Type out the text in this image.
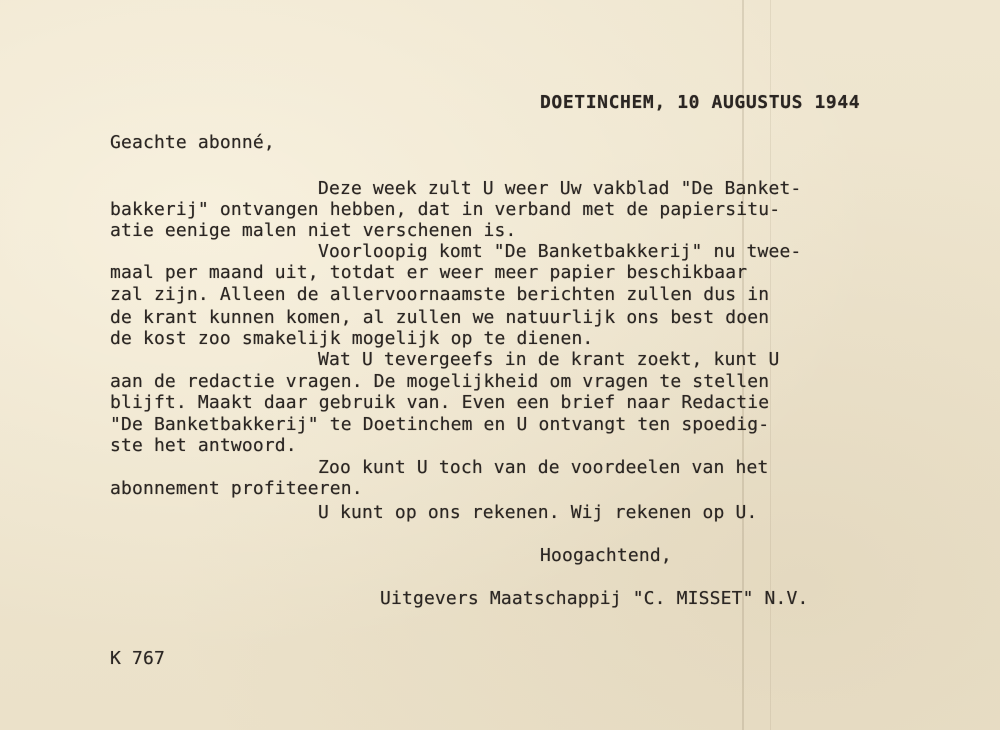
DOETINCHEM, 10 AUGUSTUS 1944
Geachte abonné,
Deze week zult U weer Uw vakblad "De Banket-
bakkerij" ontvangen hebben, dat in verband met de papiersitu-
atie eenige malen niet verschenen is.
Voorloopig komt "De Banketbakkerij" nu twee-
maal per maand uit, totdat er weer meer papier beschikbaar
zal zijn. Alleen de allervoornaamste berichten zullen dus in
de krant kunnen komen, al zullen we natuurlijk ons best doen
de kost zoo smakelijk mogelijk op te dienen.
Wat U tevergeefs in de krant zoekt, kunt U
aan de redactie vragen. De mogelijkheid om vragen te stellen
blijft. Maakt daar gebruik van. Even een brief naar Redactie
"De Banketbakkerij" te Doetinchem en U ontvangt ten spoedig-
ste het antwoord.
Zoo kunt U toch van de voordeelen van het
abonnement profiteeren.
U kunt op ons rekenen. Wij rekenen op U.
Hoogachtend,
Uitgevers Maatschappij "C. MISSET" N.V.
K 767
